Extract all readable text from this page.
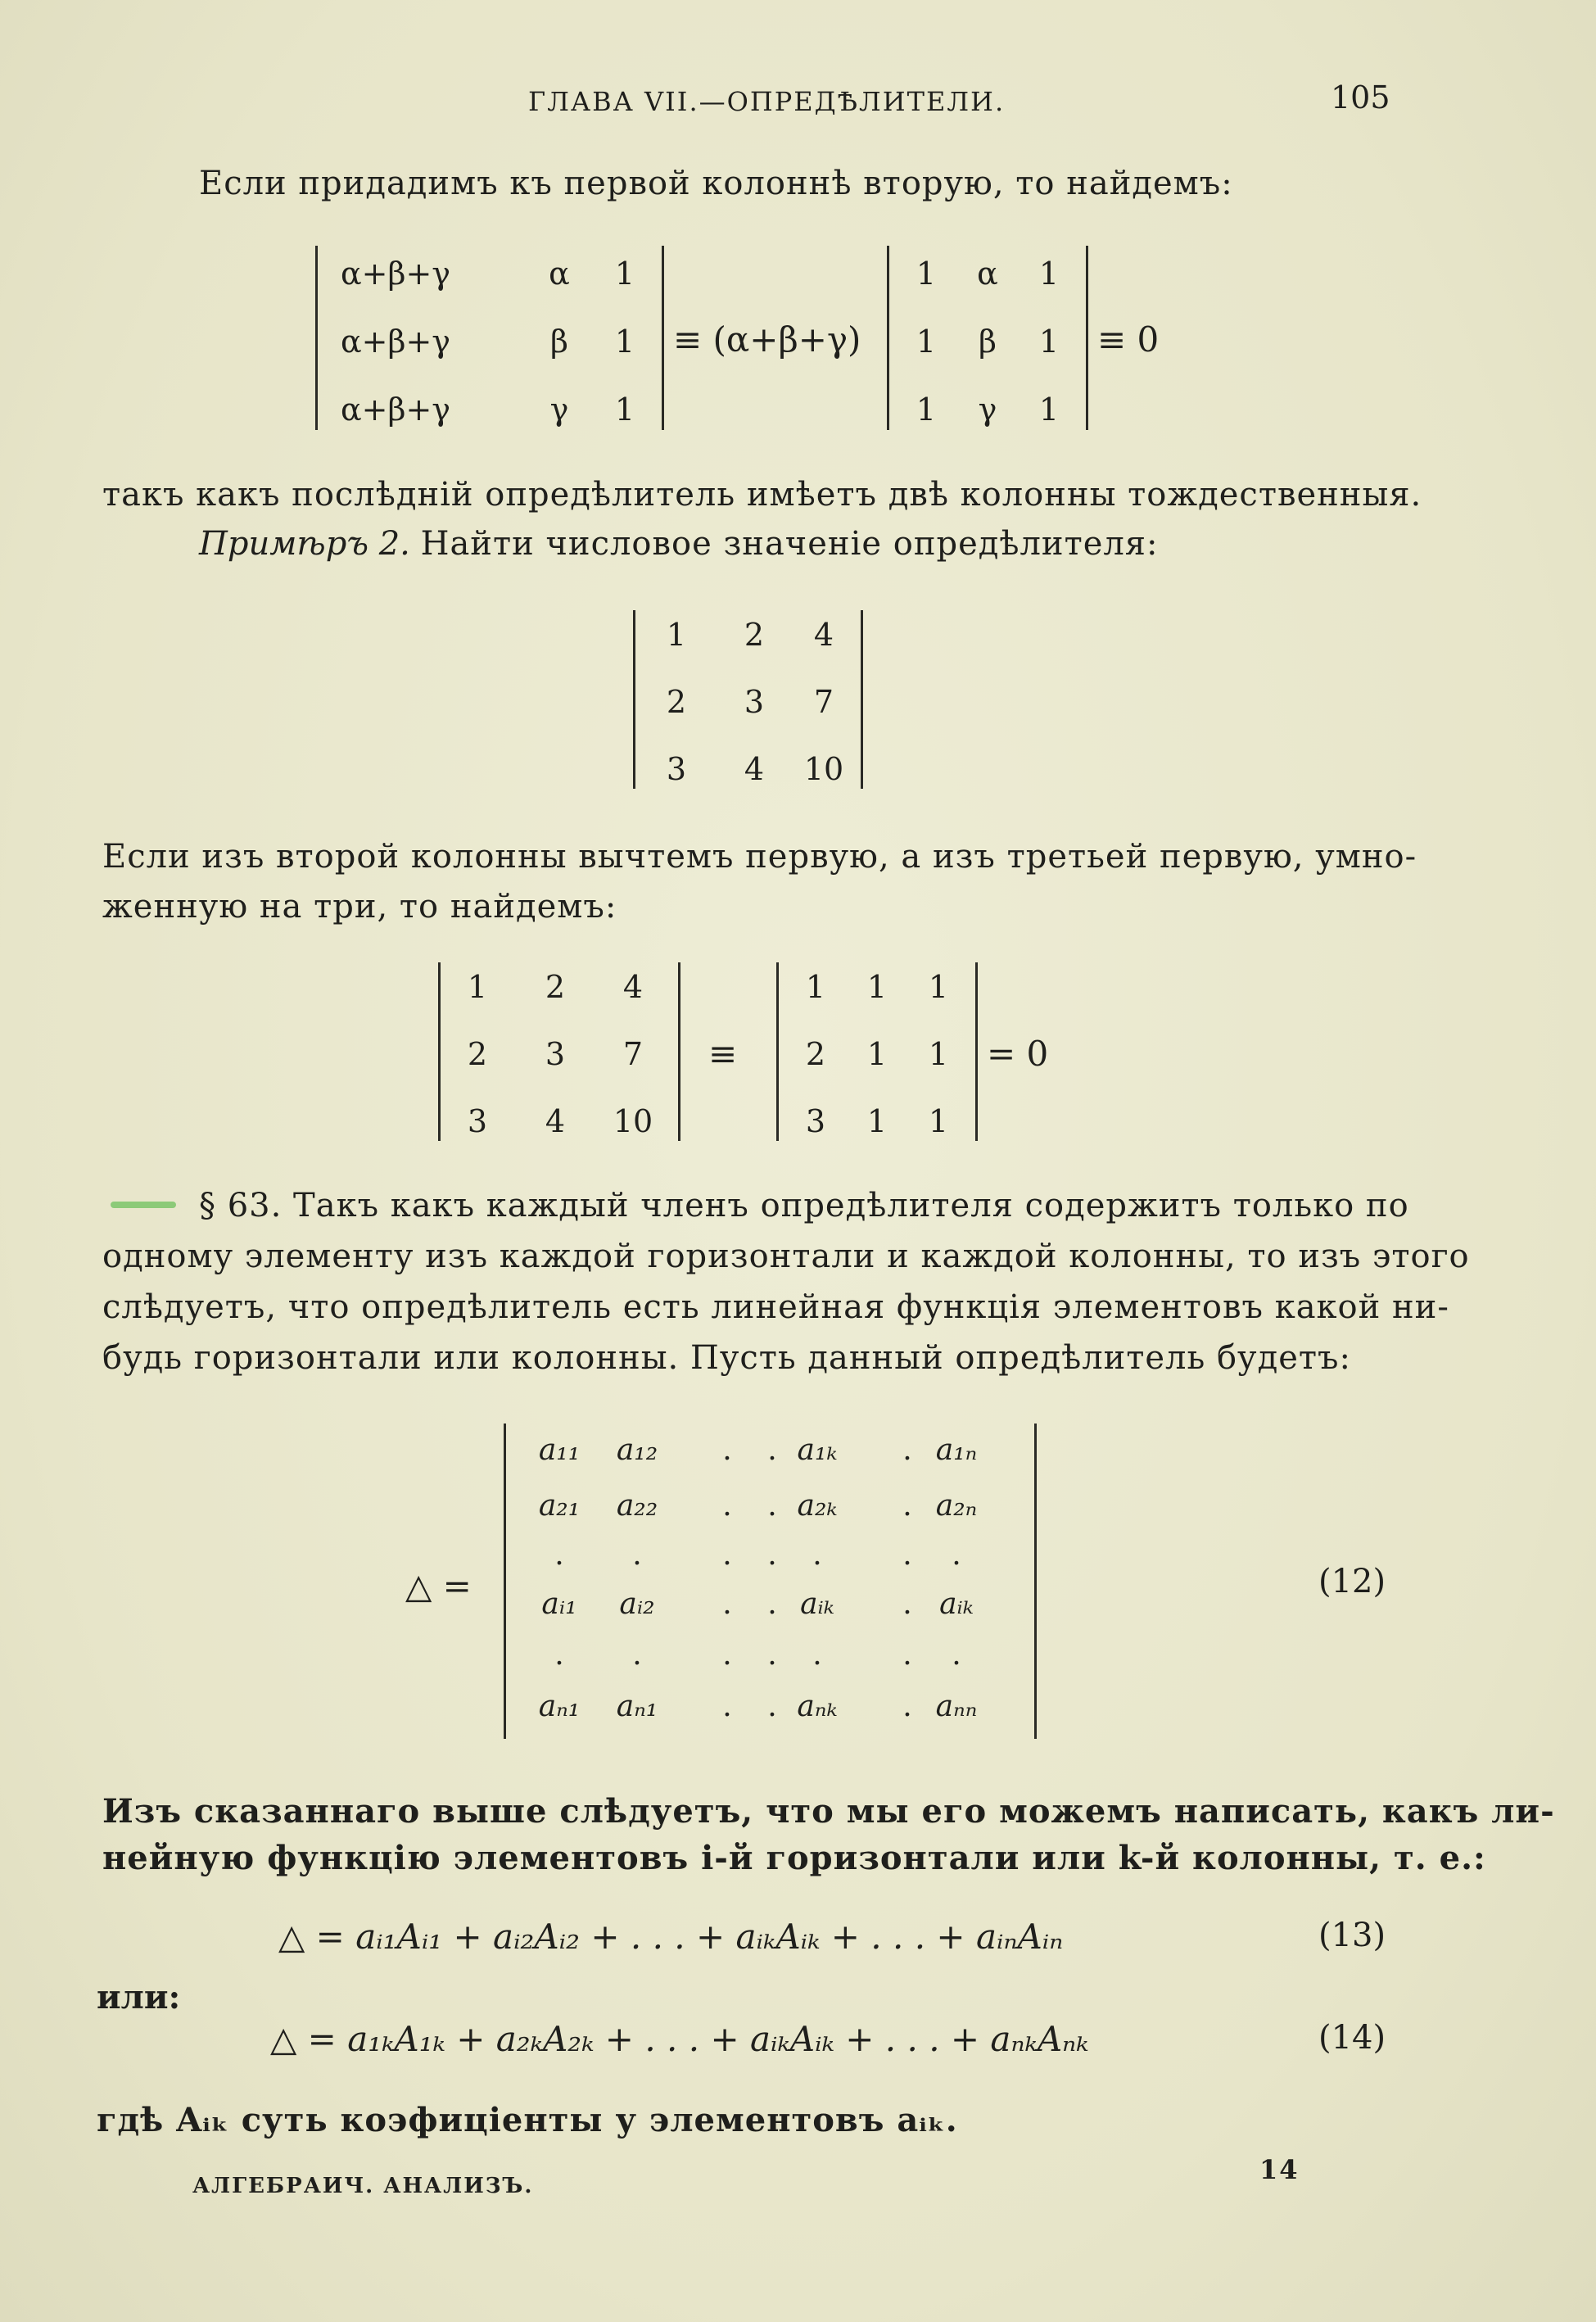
ГЛАВА VII.—ОПРЕДѢЛИТЕЛИ.	105
Если придадимъ къ первой колоннѣ вторую, то найдемъ:
α+β+γ	α	1
α+β+γ	β	1
α+β+γ	γ	1
≡ (α+β+γ)
1	α	1
1	β	1
1	γ	1
≡ 0
такъ какъ послѣдній опредѣлитель имѣетъ двѣ колонны тождественныя.
Примѣръ 2. Найти числовое значеніе опредѣлителя:
1	2	4
2	3	7
3	4	10
Если изъ второй колонны вычтемъ первую, а изъ третьей первую, умно-
женную на три, то найдемъ:
1	2	4
2	3	7
3	4	10
≡
1	1	1
2	1	1
3	1	1
= 0
§ 63. Такъ какъ каждый членъ опредѣлителя содержитъ только по
одному элементу изъ каждой горизонтали и каждой колонны, то изъ этого
слѣдуетъ, что опредѣлитель есть линейная функція элементовъ какой ни-
будь горизонтали или колонны. Пусть данный опредѣлитель будетъ:
△ =
a₁₁	a₁₂	.	. a₁ₖ	. a₁ₙ
a₂₁	a₂₂	.	. a₂ₖ	. a₂ₙ
.	.	.	.	.	.	.
aᵢ₁	aᵢ₂	.	. aᵢₖ	. aᵢₖ
.	.	.	.	.	.	.
aₙ₁	aₙ₁	.	. aₙₖ	. aₙₙ
(12)
Изъ сказаннаго выше слѣдуетъ, что мы его можемъ написать, какъ ли-
нейную функцію элементовъ i-й горизонтали или k-й колонны, т. е.:
△ = aᵢ₁Aᵢ₁ + aᵢ₂Aᵢ₂ + . . . + aᵢₖAᵢₖ + . . . + aᵢₙAᵢₙ	(13)
или:
△ = a₁ₖA₁ₖ + a₂ₖA₂ₖ + . . . + aᵢₖAᵢₖ + . . . + aₙₖAₙₖ	(14)
гдѣ Aᵢₖ суть коэфиціенты у элементовъ aᵢₖ.
АЛГЕБРАИЧ. АНАЛИЗЪ.
14
